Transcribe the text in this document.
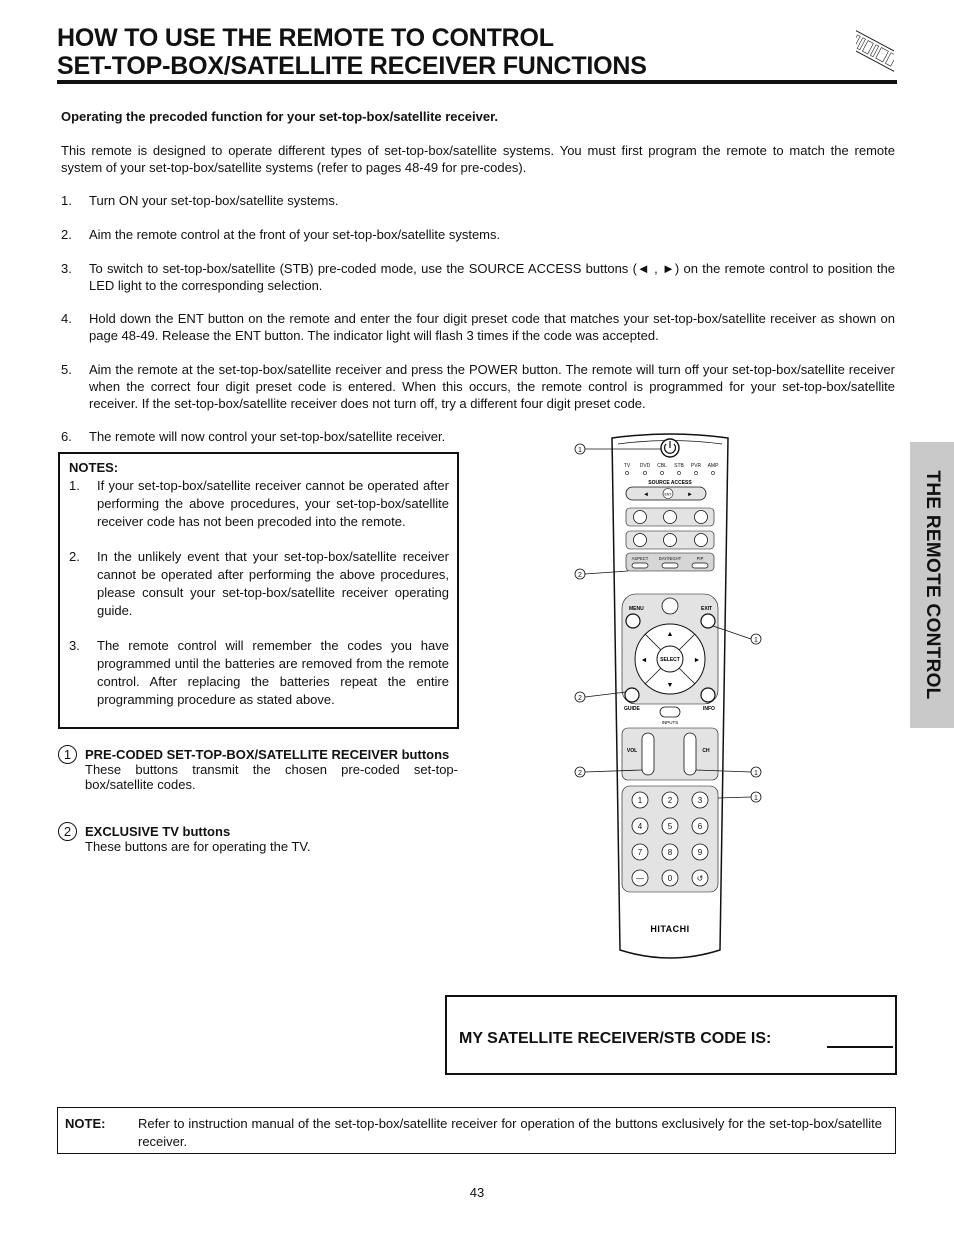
HOW TO USE THE REMOTE TO CONTROL
SET-TOP-BOX/SATELLITE RECEIVER FUNCTIONS
Operating the precoded function for your set-top-box/satellite receiver.
This remote is designed to operate different types of set-top-box/satellite systems. You must first program the remote to match the remote system of your set-top-box/satellite systems (refer to pages 48-49 for pre-codes).
1. Turn ON your set-top-box/satellite systems.
2. Aim the remote control at the front of your set-top-box/satellite systems.
3. To switch to set-top-box/satellite (STB) pre-coded mode, use the SOURCE ACCESS buttons (◄ , ►) on the remote control to position the LED light to the corresponding selection.
4. Hold down the ENT button on the remote and enter the four digit preset code that matches your set-top-box/satellite receiver as shown on page 48-49. Release the ENT button. The indicator light will flash 3 times if the code was accepted.
5. Aim the remote at the set-top-box/satellite receiver and press the POWER button. The remote will turn off your set-top-box/satellite receiver when the correct four digit preset code is entered. When this occurs, the remote control is programmed for your set-top-box/satellite receiver. If the set-top-box/satellite receiver does not turn off, try a different four digit preset code.
6. The remote will now control your set-top-box/satellite receiver.
NOTES:
1. If your set-top-box/satellite receiver cannot be operated after performing the above procedures, your set-top-box/satellite receiver code has not been precoded into the remote.
2. In the unlikely event that your set-top-box/satellite receiver cannot be operated after performing the above procedures, please consult your set-top-box/satellite receiver operating guide.
3. The remote control will remember the codes you have programmed until the batteries are removed from the remote control. After replacing the batteries repeat the entire programming procedure as stated above.
1	PRE-CODED SET-TOP-BOX/SATELLITE RECEIVER buttons
These buttons transmit the chosen pre-coded set-top-box/satellite codes.
2	EXCLUSIVE TV buttons
These buttons are for operating the TV.
TV DVD CBL STB PVR AMP
SOURCE ACCESS
◄	►
ENT
ASPECT DAY/NIGHT	PIP
MENU	EXIT
SELECT
▲
▼
◄	►
GUIDE	INFO
INPUTS
VOL	CH
1	2	3
4	5	6
7	8	9
—	0	↺
HITACHI
1
2
1
2
2	1
1
THE REMOTE CONTROL
MY SATELLITE RECEIVER/STB CODE IS:
NOTE:	Refer to instruction manual of the set-top-box/satellite receiver for operation of the buttons exclusively for the set-top-box/satellite receiver.
43
